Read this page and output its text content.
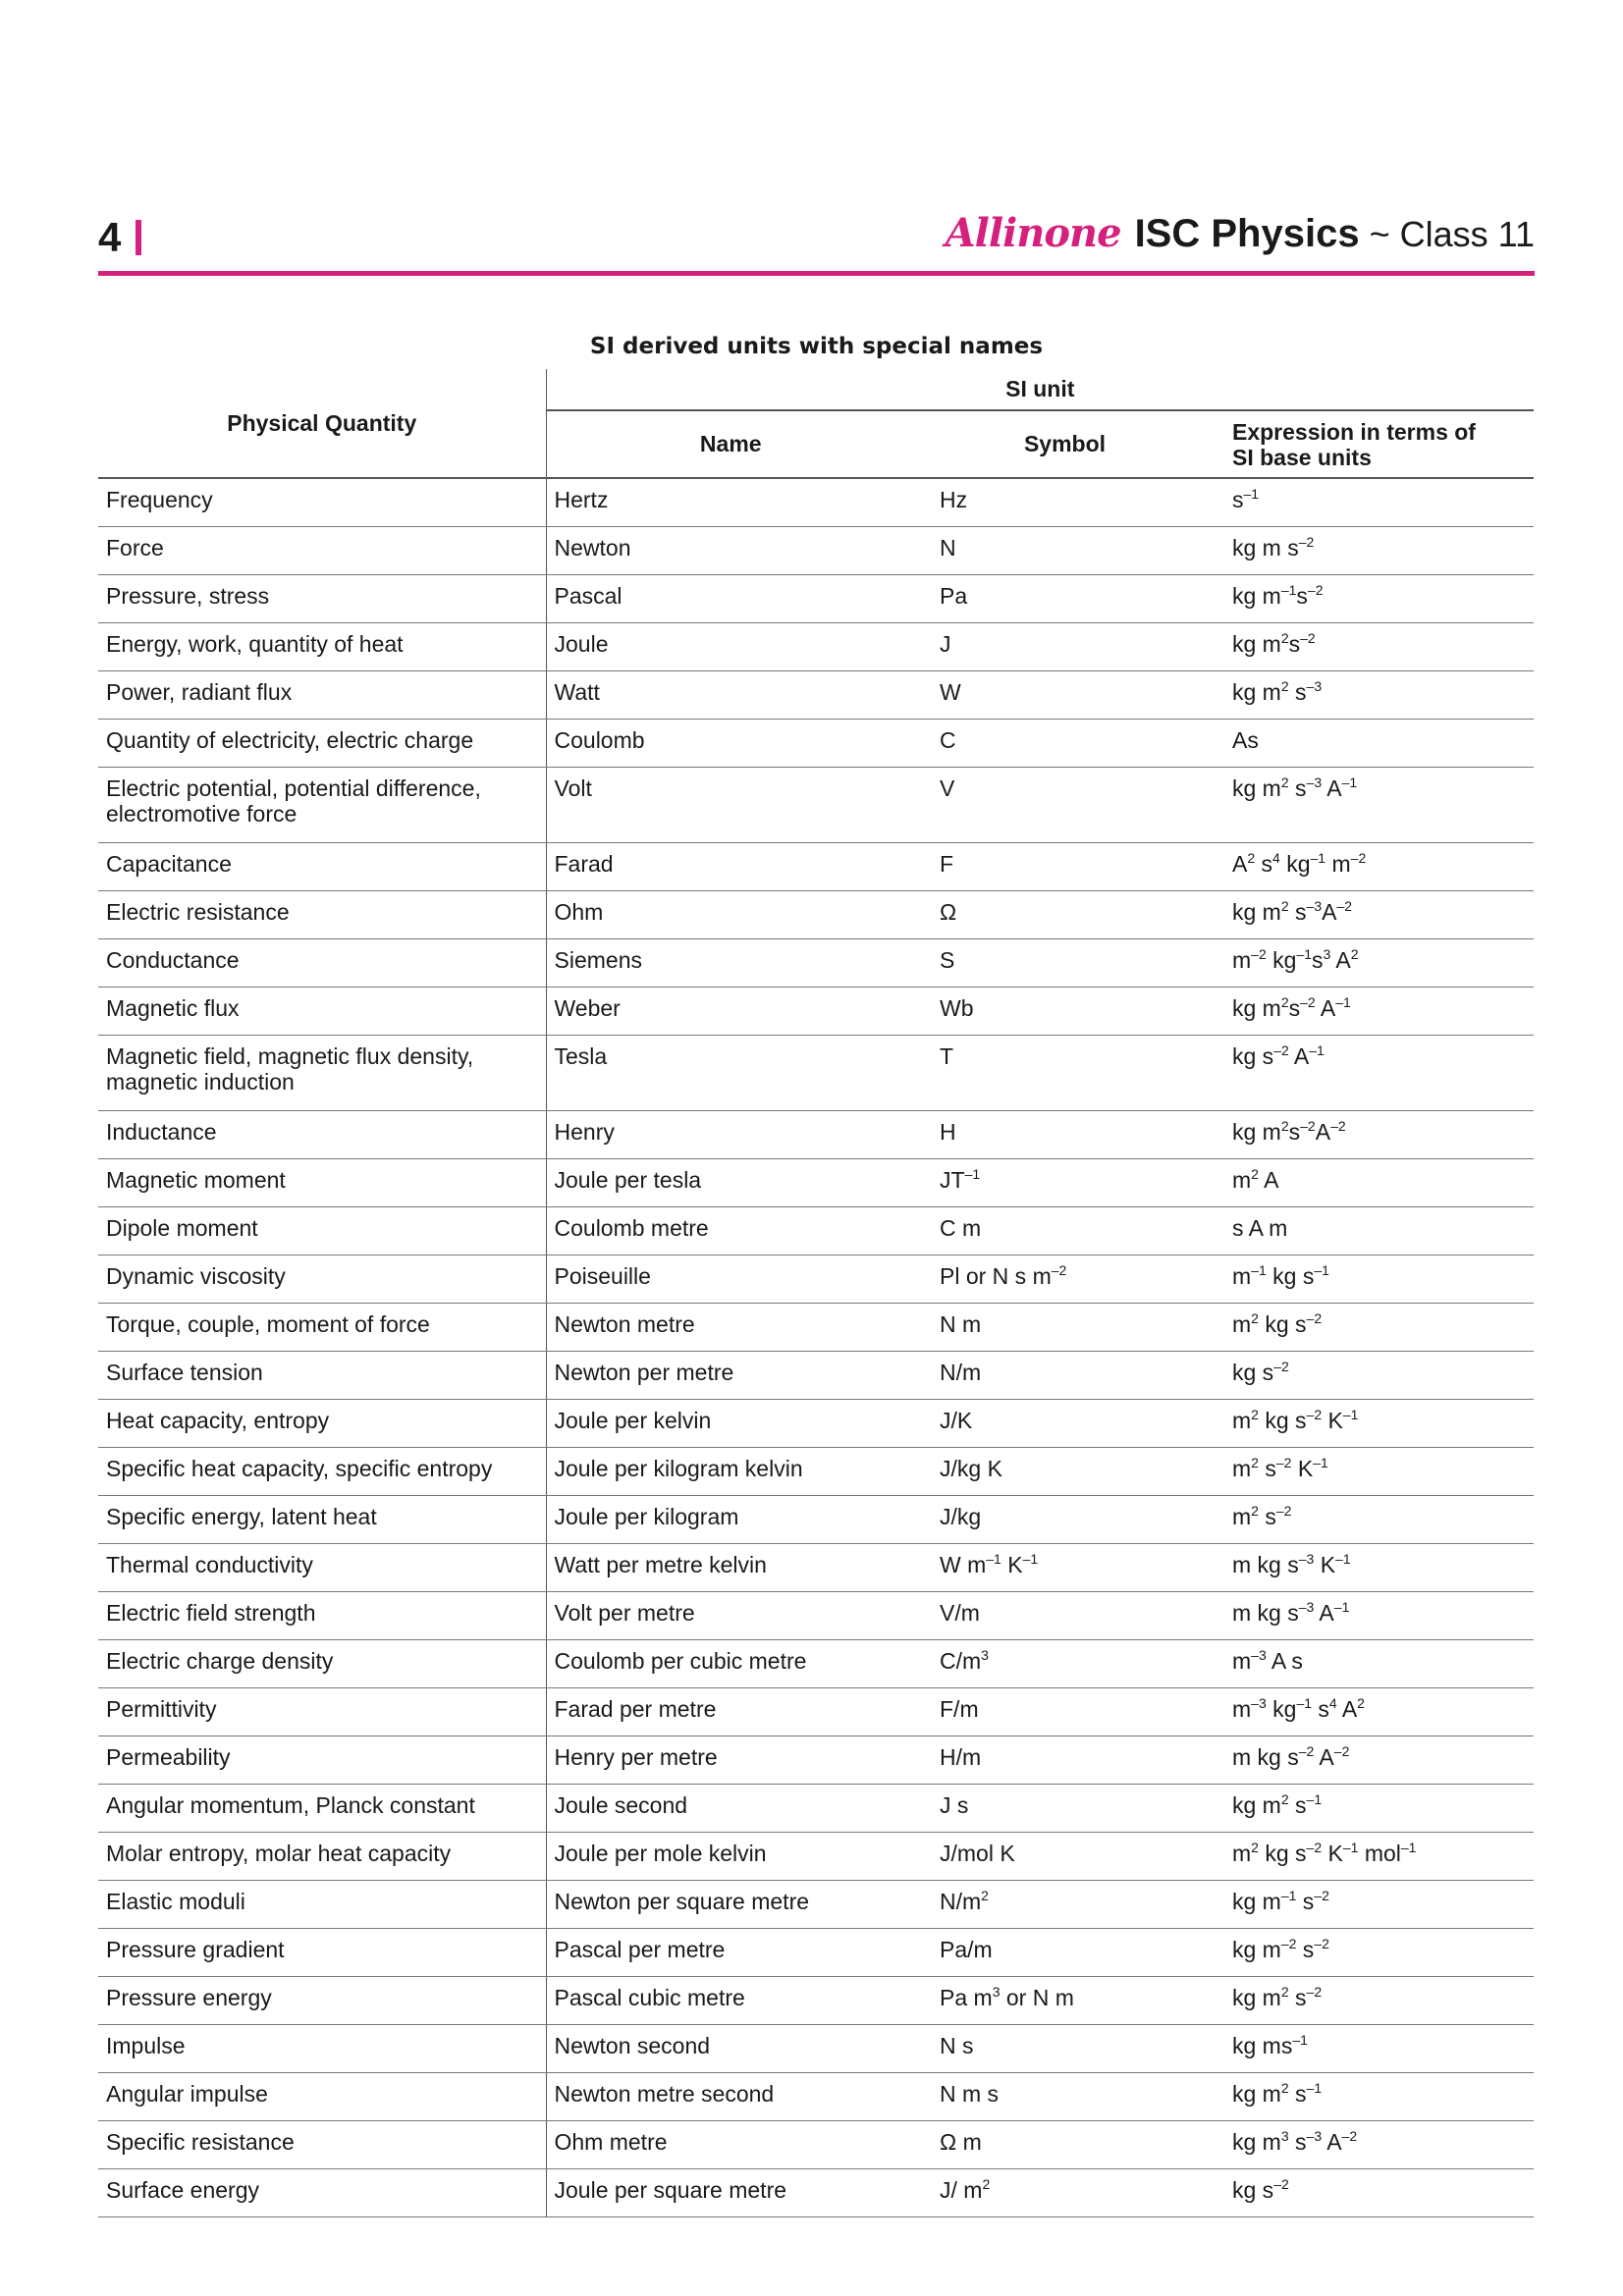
4	Allinone ISC Physics ~ Class 11
SI derived units with special names
Physical Quantity	SI unit		
	Name	Symbol	Expression in terms of
SI base units
Frequency	Hertz	Hz	$s^{-1}$
Force	Newton	N	kg m $s^{-2}$
Pressure, stress	Pascal	Pa	kg $m^{-1}s^{-2}$
Energy, work, quantity of heat	Joule	J	kg $m^2s^{-2}$
Power, radiant flux	Watt	W	kg $m^2$ $s^{-3}$
Quantity of electricity, electric charge	Coulomb	C	As
Electric potential, potential difference, electromotive force	Volt	V	kg $m^2$ $s^{-3}$ $A^{-1}$
Capacitance	Farad	F	$A^2$ $s^4$ $kg^{-1}$ $m^{-2}$
Electric resistance	Ohm	Ω	kg $m^2$ $s^{-3}A^{-2}$
Conductance	Siemens	S	$m^{-2}$ $kg^{-1}s^3$ $A^2$
Magnetic flux	Weber	Wb	kg $m^2s^{-2}$ $A^{-1}$
Magnetic field, magnetic flux density, magnetic induction	Tesla	T	kg $s^{-2}$ $A^{-1}$
Inductance	Henry	H	kg $m^2s^{-2}A^{-2}$
Magnetic moment	Joule per tesla	$JT^{-1}$	$m^2$ A
Dipole moment	Coulomb metre	C m	s A m
Dynamic viscosity	Poiseuille	Pl or N s $m^{-2}$	$m^{-1}$ kg $s^{-1}$
Torque, couple, moment of force	Newton metre	N m	$m^2$ kg $s^{-2}$
Surface tension	Newton per metre	N/m	kg $s^{-2}$
Heat capacity, entropy	Joule per kelvin	J/K	$m^2$ kg $s^{-2}$ $K^{-1}$
Specific heat capacity, specific entropy	Joule per kilogram kelvin	J/kg K	$m^2$ $s^{-2}$ $K^{-1}$
Specific energy, latent heat	Joule per kilogram	J/kg	$m^2$ $s^{-2}$
Thermal conductivity	Watt per metre kelvin	W $m^{-1}$ $K^{-1}$	m kg $s^{-3}$ $K^{-1}$
Electric field strength	Volt per metre	V/m	m kg $s^{-3}$ $A^{-1}$
Electric charge density	Coulomb per cubic metre	$C/m^3$	$m^{-3}$ A s
Permittivity	Farad per metre	F/m	$m^{-3}$ $kg^{-1}$ $s^4$ $A^2$
Permeability	Henry per metre	H/m	m kg $s^{-2}$ $A^{-2}$
Angular momentum, Planck constant	Joule second	J s	kg $m^2$ $s^{-1}$
Molar entropy, molar heat capacity	Joule per mole kelvin	J/mol K	$m^2$ kg $s^{-2}$ $K^{-1}$ mol$^{-1}$
Elastic moduli	Newton per square metre	$N/m^2$	kg $m^{-1}$ $s^{-2}$
Pressure gradient	Pascal per metre	Pa/m	kg $m^{-2}$ $s^{-2}$
Pressure energy	Pascal cubic metre	Pa $m^3$ or N m	kg $m^2$ $s^{-2}$
Impulse	Newton second	N s	kg $ms^{-1}$
Angular impulse	Newton metre second	N m s	kg $m^2$ $s^{-1}$
Specific resistance	Ohm metre	Ω m	kg $m^3$ $s^{-3}$ $A^{-2}$
Surface energy	Joule per square metre	J/ $m^2$	kg $s^{-2}$
